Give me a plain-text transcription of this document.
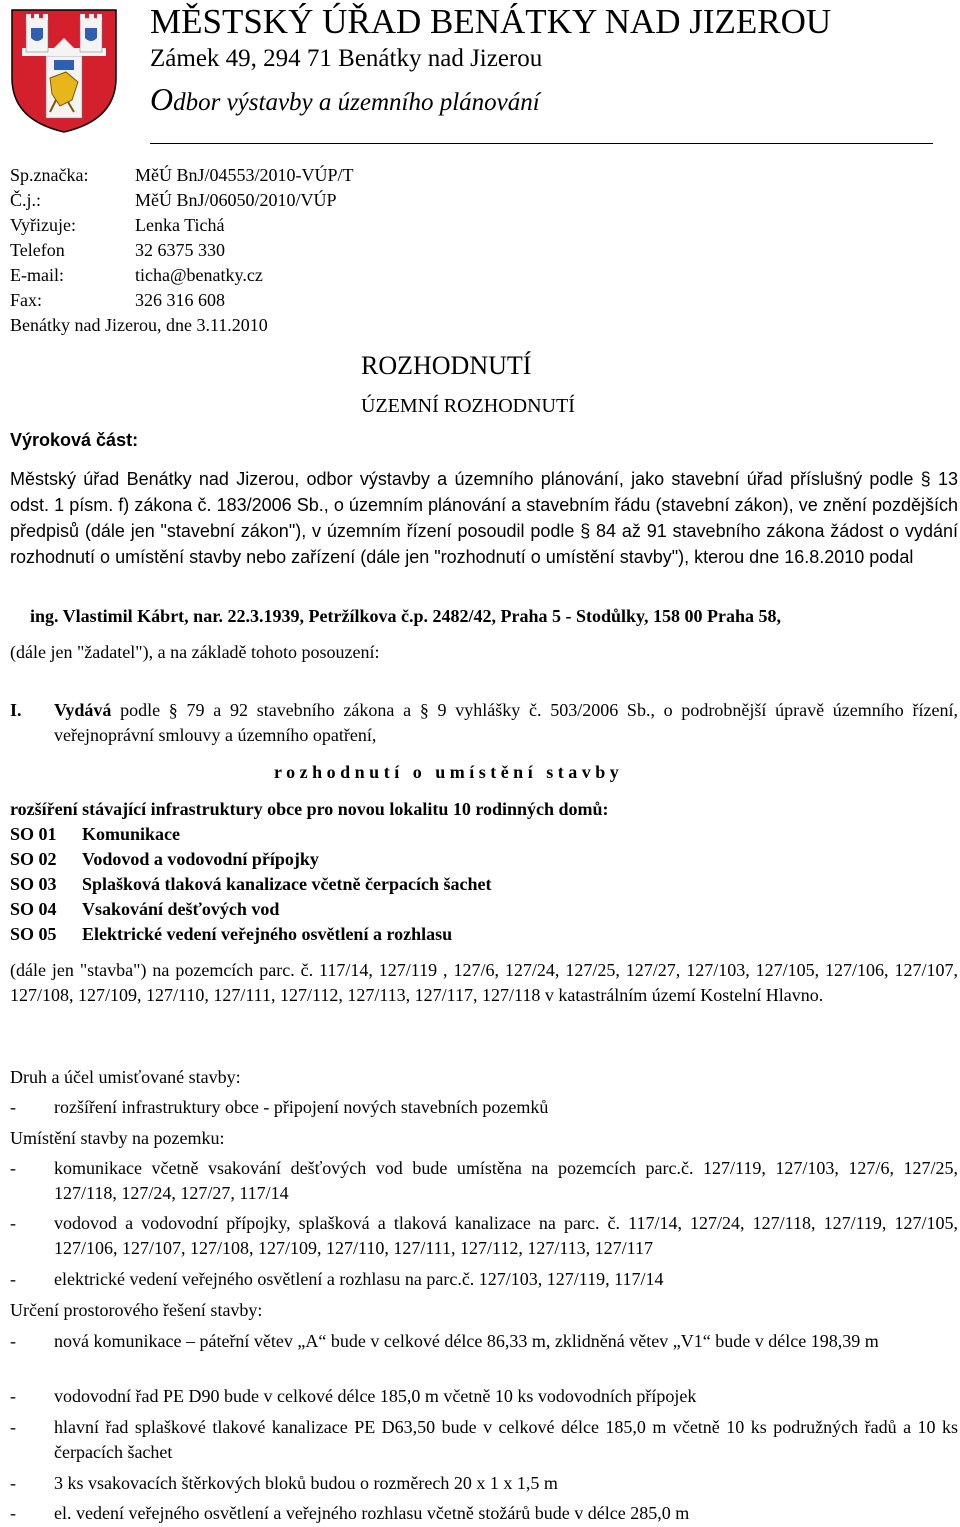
MĚSTSKÝ ÚŘAD BENÁTKY NAD JIZEROU
Zámek 49, 294 71 Benátky nad Jizerou
Odbor výstavby a územního plánování
Sp.značka:	MěÚ BnJ/04553/2010-VÚP/T
Č.j.:	MěÚ BnJ/06050/2010/VÚP
Vyřizuje:	Lenka Tichá
Telefon	32 6375 330
E-mail:	ticha@benatky.cz
Fax:	326 316 608
Benátky nad Jizerou, dne 3.11.2010
ROZHODNUTÍ
ÚZEMNÍ ROZHODNUTÍ
Výroková část:
Městský úřad Benátky nad Jizerou, odbor výstavby a územního plánování, jako stavební úřad příslušný podle § 13 odst. 1 písm. f) zákona č. 183/2006 Sb., o územním plánování a stavebním řádu (stavební zákon), ve znění pozdějších předpisů (dále jen "stavební zákon"), v územním řízení posoudil podle § 84 až 91 stavebního zákona žádost o vydání rozhodnutí o umístění stavby nebo zařízení (dále jen "rozhodnutí o umístění stavby"), kterou dne 16.8.2010 podal
ing. Vlastimil Kábrt, nar. 22.3.1939, Petržílkova č.p. 2482/42, Praha 5 - Stodůlky, 158 00 Praha 58,
(dále jen "žadatel"), a na základě tohoto posouzení:
I. Vydává podle § 79 a 92 stavebního zákona a § 9 vyhlášky č. 503/2006 Sb., o podrobnější úpravě územního řízení, veřejnoprávní smlouvy a územního opatření,
r o z h o d n u t í   o   u m í s t ě n í   s t a v b y
rozšíření stávající infrastruktury obce pro novou lokalitu 10 rodinných domů:
SO 01 Komunikace
SO 02 Vodovod a vodovodní přípojky
SO 03 Splašková tlaková kanalizace včetně čerpacích šachet
SO 04 Vsakování dešťových vod
SO 05 Elektrické vedení veřejného osvětlení a rozhlasu
(dále jen "stavba") na pozemcích parc. č. 117/14, 127/119 , 127/6, 127/24, 127/25, 127/27, 127/103, 127/105, 127/106, 127/107, 127/108, 127/109, 127/110, 127/111, 127/112, 127/113, 127/117, 127/118 v katastrálním území Kostelní Hlavno.
Druh a účel umisťované stavby:
- rozšíření infrastruktury obce - připojení nových stavebních pozemků
Umístění stavby na pozemku:
- komunikace včetně vsakování dešťových vod bude umístěna na pozemcích parc.č. 127/119, 127/103, 127/6, 127/25, 127/118, 127/24, 127/27, 117/14
- vodovod a vodovodní přípojky, splašková a tlaková kanalizace na parc. č. 117/14, 127/24, 127/118, 127/119, 127/105, 127/106, 127/107, 127/108, 127/109, 127/110, 127/111, 127/112, 127/113, 127/117
- elektrické vedení veřejného osvětlení a rozhlasu na parc.č. 127/103, 127/119, 117/14
Určení prostorového řešení stavby:
- nová komunikace – páteřní větev „A“ bude v celkové délce 86,33 m, zklidněná větev „V1“ bude v délce 198,39 m
- vodovodní řad PE D90 bude v celkové délce 185,0 m včetně 10 ks vodovodních přípojek
- hlavní řad splaškové tlakové kanalizace PE D63,50 bude v celkové délce 185,0 m včetně 10 ks podružných řadů a 10 ks čerpacích šachet
- 3 ks vsakovacích štěrkových bloků budou o rozměrech 20 x 1 x 1,5 m
- el. vedení veřejného osvětlení a veřejného rozhlasu včetně stožárů bude v délce 285,0 m
